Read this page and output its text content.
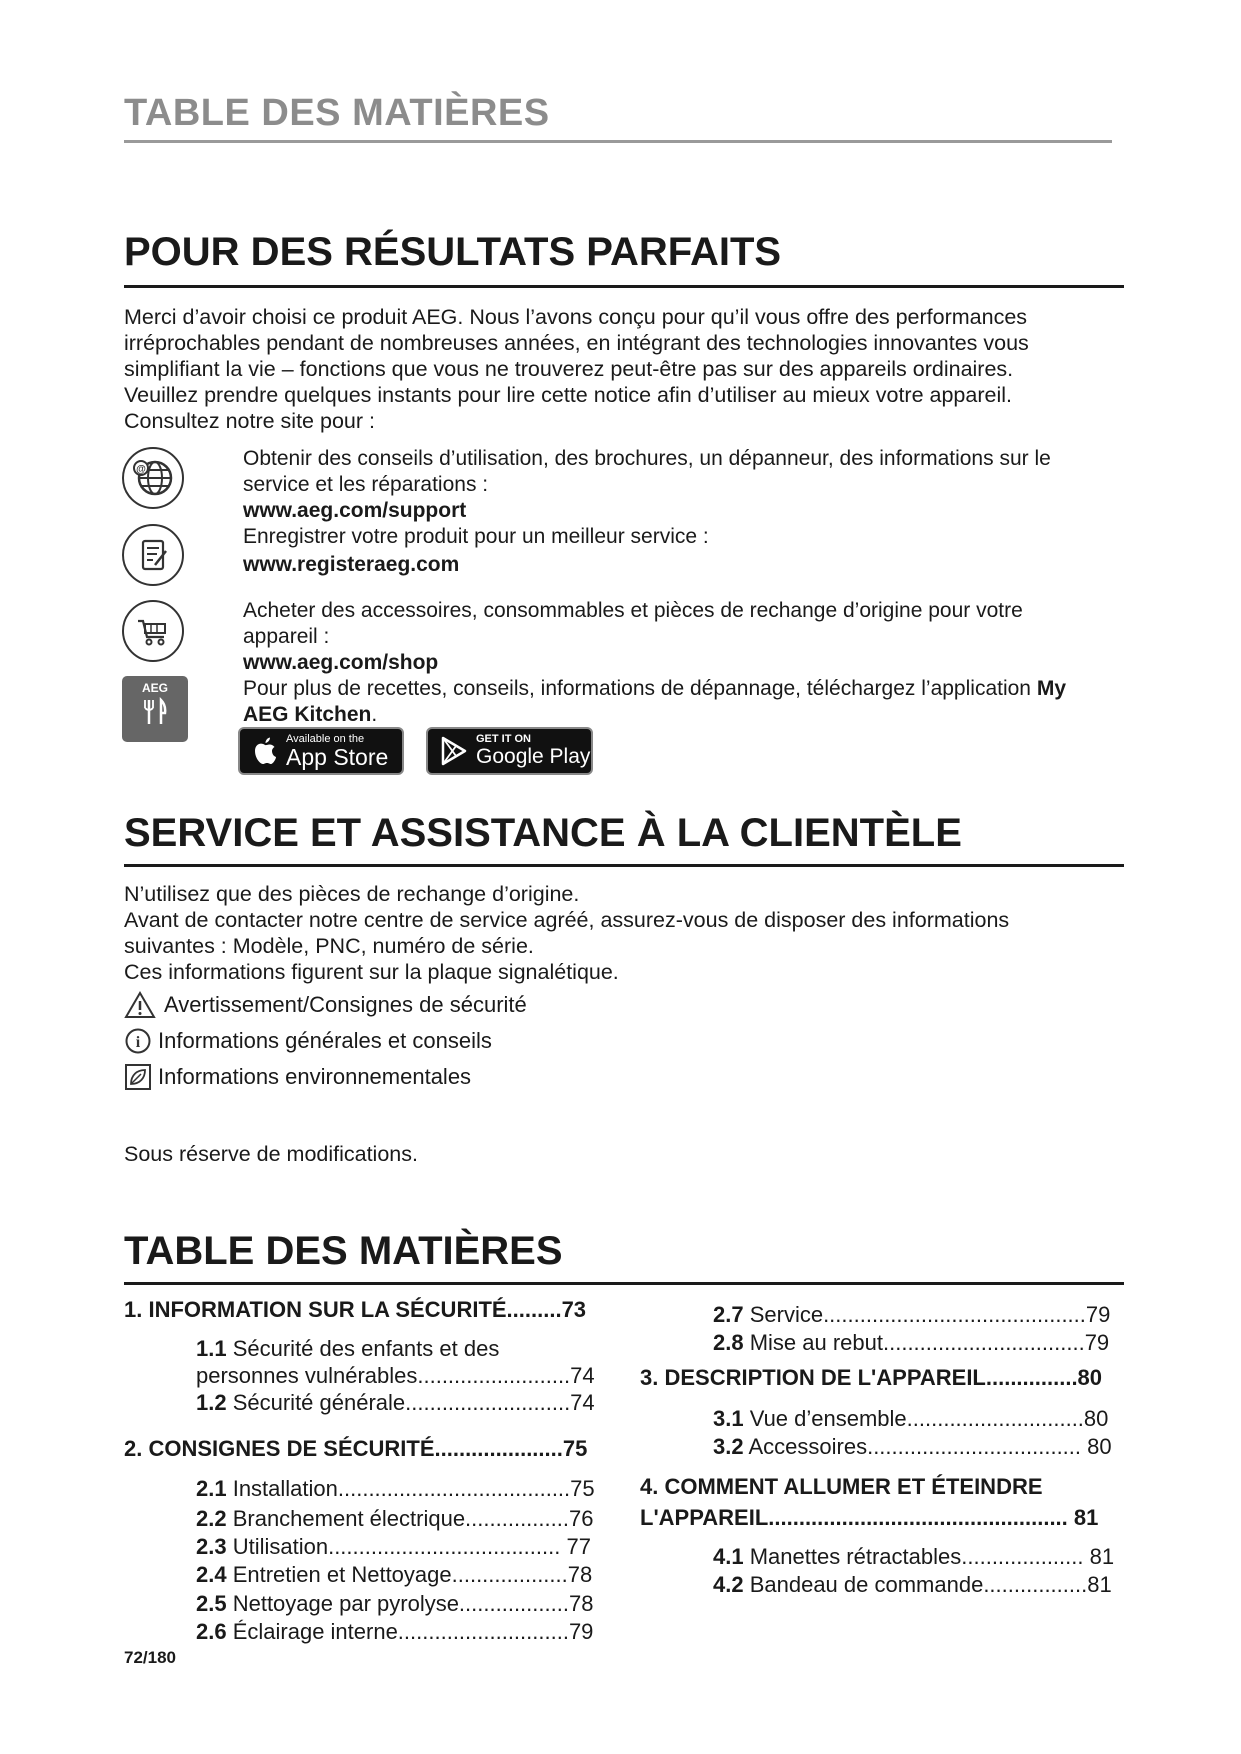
TABLE DES MATIÈRES
POUR DES RÉSULTATS PARFAITS
Merci d’avoir choisi ce produit AEG. Nous l’avons conçu pour qu’il vous offre des performances
irréprochables pendant de nombreuses années, en intégrant des technologies innovantes vous
simplifiant la vie – fonctions que vous ne trouverez peut-être pas sur des appareils ordinaires.
Veuillez prendre quelques instants pour lire cette notice afin d’utiliser au mieux votre appareil.
Consultez notre site pour :
@	Obtenir des conseils d’utilisation, des brochures, un dépanneur, des informations sur le
service et les réparations :
www.aeg.com/support
Enregistrer votre produit pour un meilleur service :
www.registeraeg.com
Acheter des accessoires, consommables et pièces de rechange d’origine pour votre
appareil :
www.aeg.com/shop
Pour plus de recettes, conseils, informations de dépannage, téléchargez l’application My
AEG Kitchen.
AEG
Available on the
App Store
GET IT ON
Google Play
SERVICE ET ASSISTANCE À LA CLIENTÈLE
N’utilisez que des pièces de rechange d’origine.
Avant de contacter notre centre de service agréé, assurez-vous de disposer des informations
suivantes : Modèle, PNC, numéro de série.
Ces informations figurent sur la plaque signalétique.
Avertissement/Consignes de sécurité
i Informations générales et conseils
Informations environnementales
Sous réserve de modifications.
TABLE DES MATIÈRES
1. INFORMATION SUR LA SÉCURITÉ.........73
1.1 Sécurité des enfants et des
personnes vulnérables.........................74
1.2 Sécurité générale...........................74
2. CONSIGNES DE SÉCURITÉ.....................75
2.1 Installation......................................75
2.2 Branchement électrique.................76
2.3 Utilisation...................................... 77
2.4 Entretien et Nettoyage...................78
2.5 Nettoyage par pyrolyse..................78
2.6 Éclairage interne............................79
2.7 Service...........................................79
2.8 Mise au rebut.................................79
3. DESCRIPTION DE L'APPAREIL...............80
3.1 Vue d’ensemble.............................80
3.2 Accessoires................................... 80
4. COMMENT ALLUMER ET ÉTEINDRE
L'APPAREIL................................................. 81
4.1 Manettes rétractables.................... 81
4.2 Bandeau de commande.................81
72/180
